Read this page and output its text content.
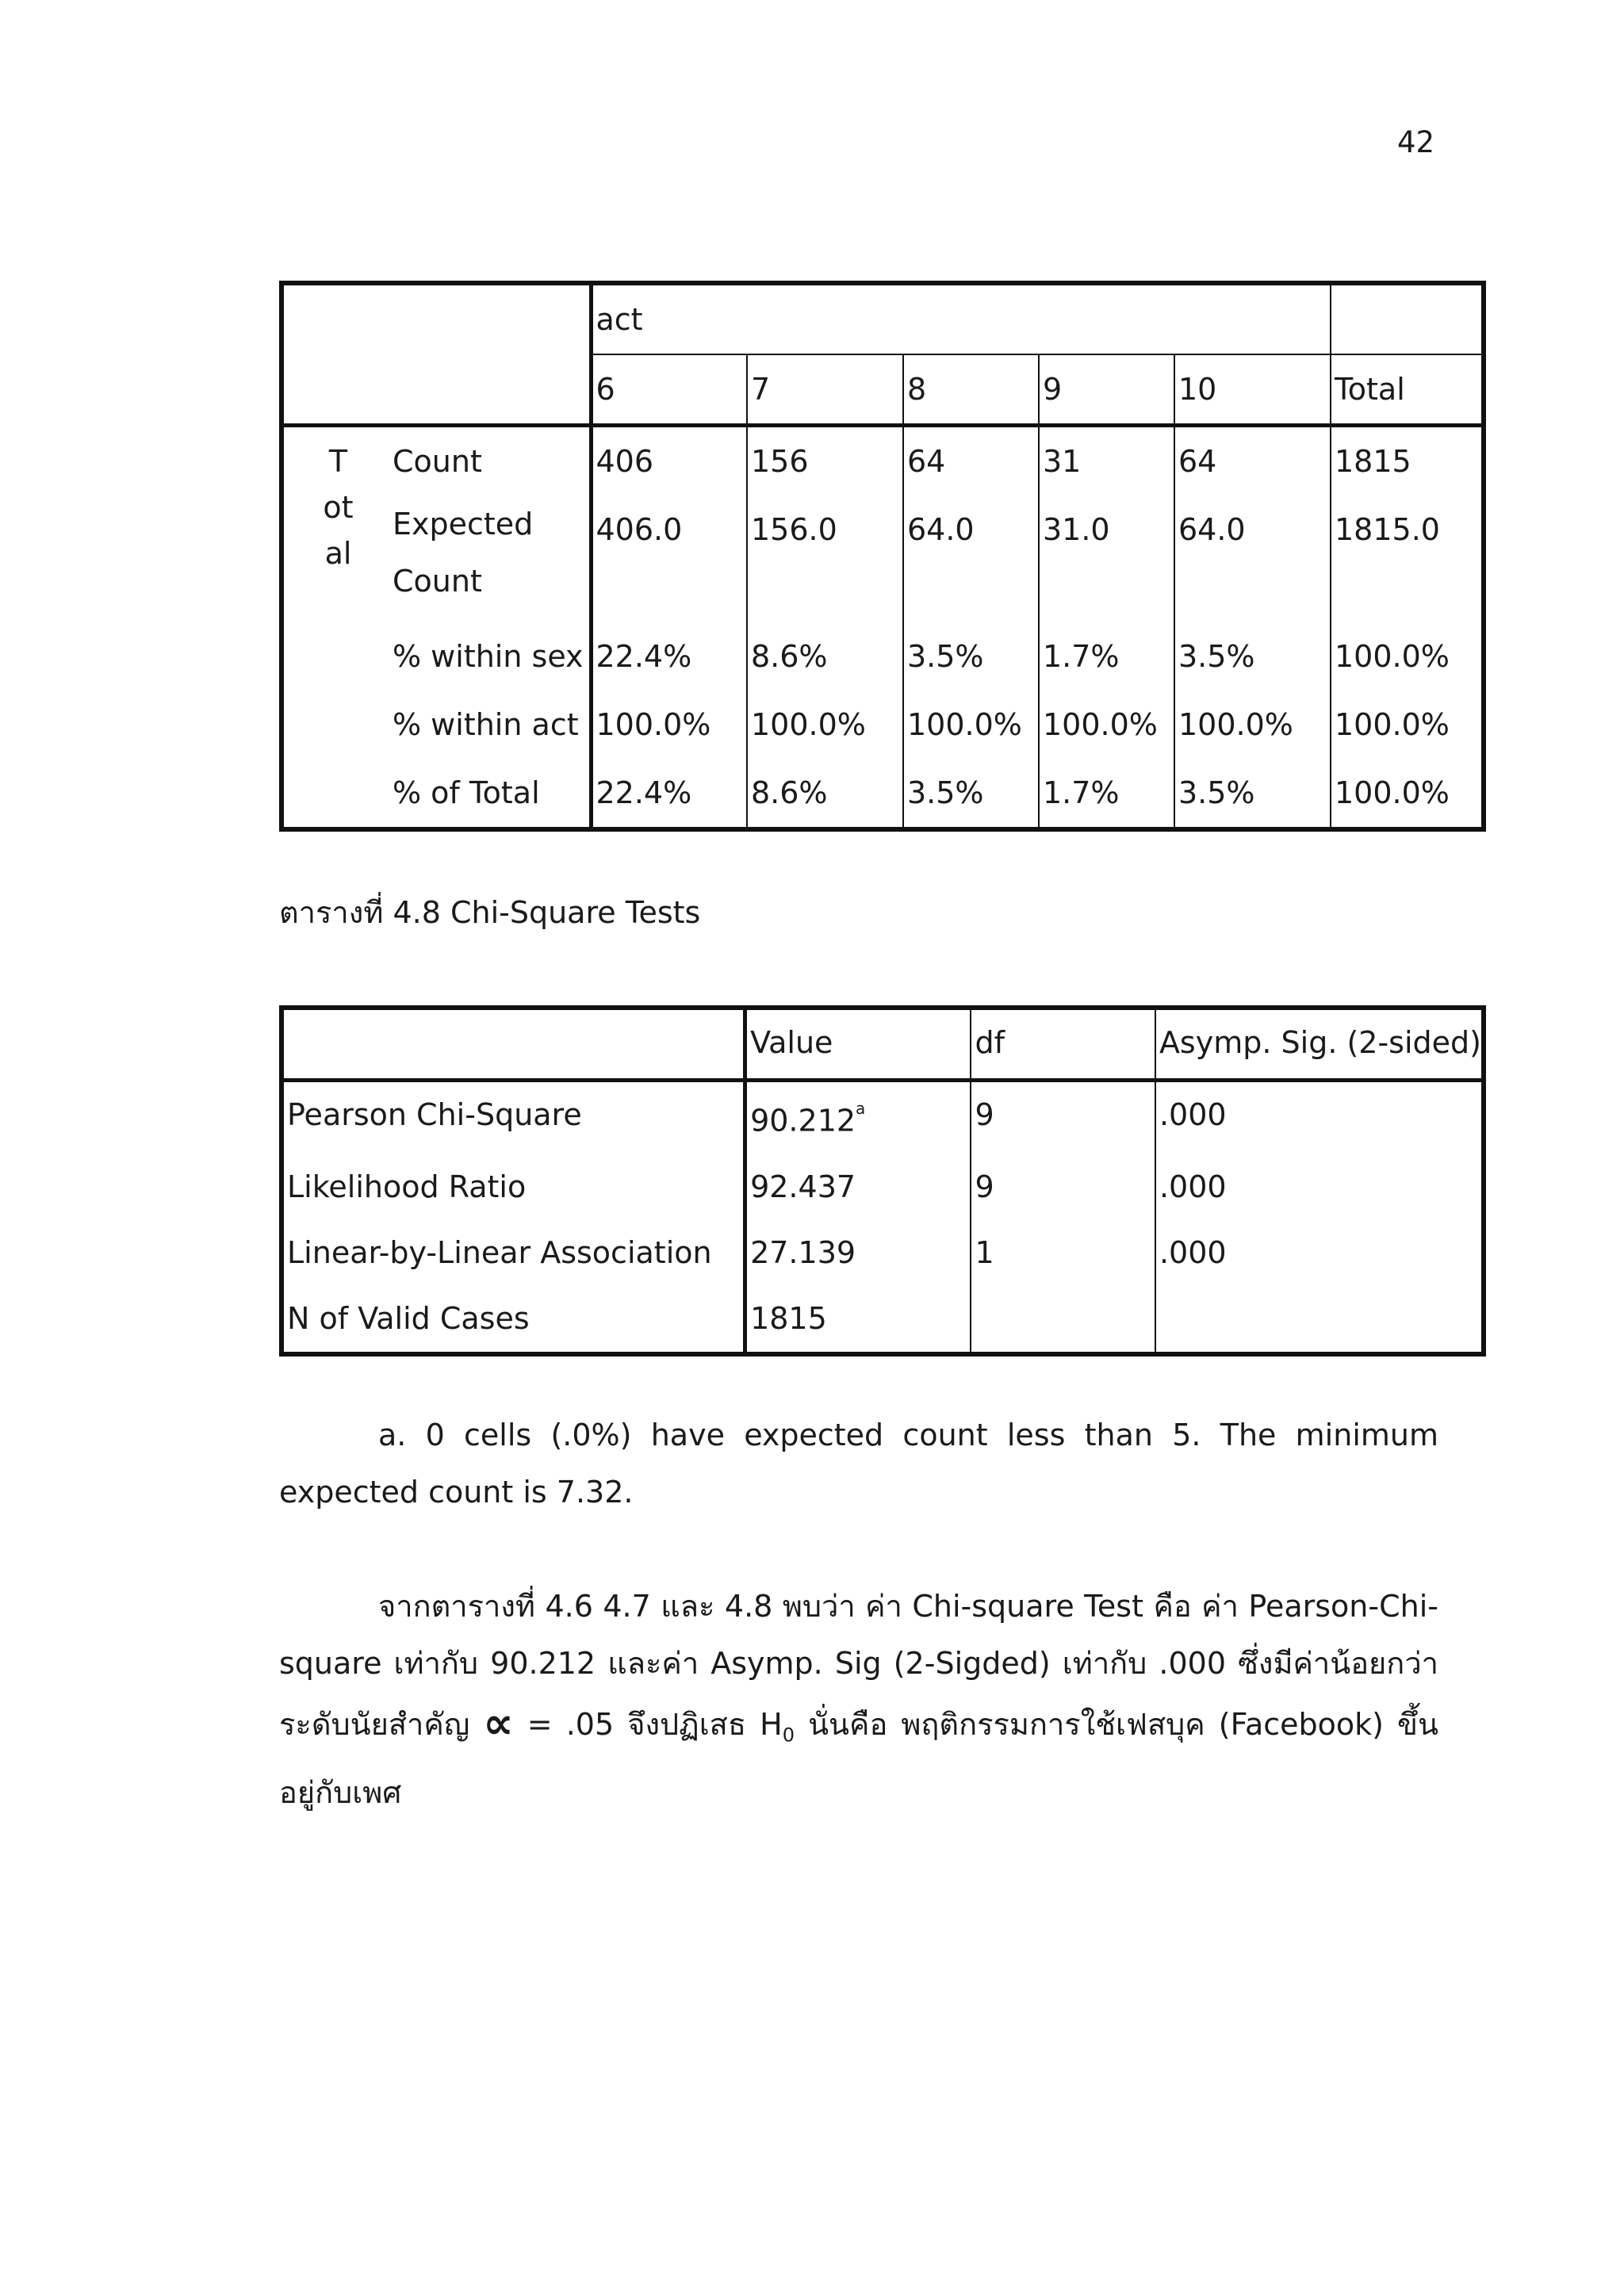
42
		act					
		6	7	8	9	10	Total

T
ot
al	Count	406	156	64	31	64	1815

	Expected
Count	406.0	156.0	64.0	31.0	64.0	1815.0
	% within sex	22.4%	8.6%	3.5%	1.7%	3.5%	100.0%
	% within act	100.0%	100.0%	100.0%	100.0%	100.0%	100.0%
	% of Total	22.4%	8.6%	3.5%	1.7%	3.5%	100.0%
ตารางที่ 4.8 Chi-Square Tests
	Value	df	Asymp. Sig. (2-sided)
Pearson Chi-Square	90.212$^a$	9	.000
Likelihood Ratio	92.437	9	.000
Linear-by-Linear Association	27.139	1	.000
N of Valid Cases	1815		
a. 0 cells (.0%) have expected count less than 5. The minimum expected count is 7.32.
จากตารางที่ 4.6 4.7 และ 4.8 พบว่า ค่า Chi-square Test คือ ค่า Pearson-Chi-square เท่ากับ 90.212 และค่า Asymp. Sig (2-Sigded) เท่ากับ .000 ซึ่งมีค่าน้อยกว่า ระดับนัยสำคัญ ∝ = .05 จึงปฏิเสธ $H_0$ นั่นคือ พฤติกรรมการใช้เฟสบุค (Facebook) ขึ้นอยู่กับเพศ
